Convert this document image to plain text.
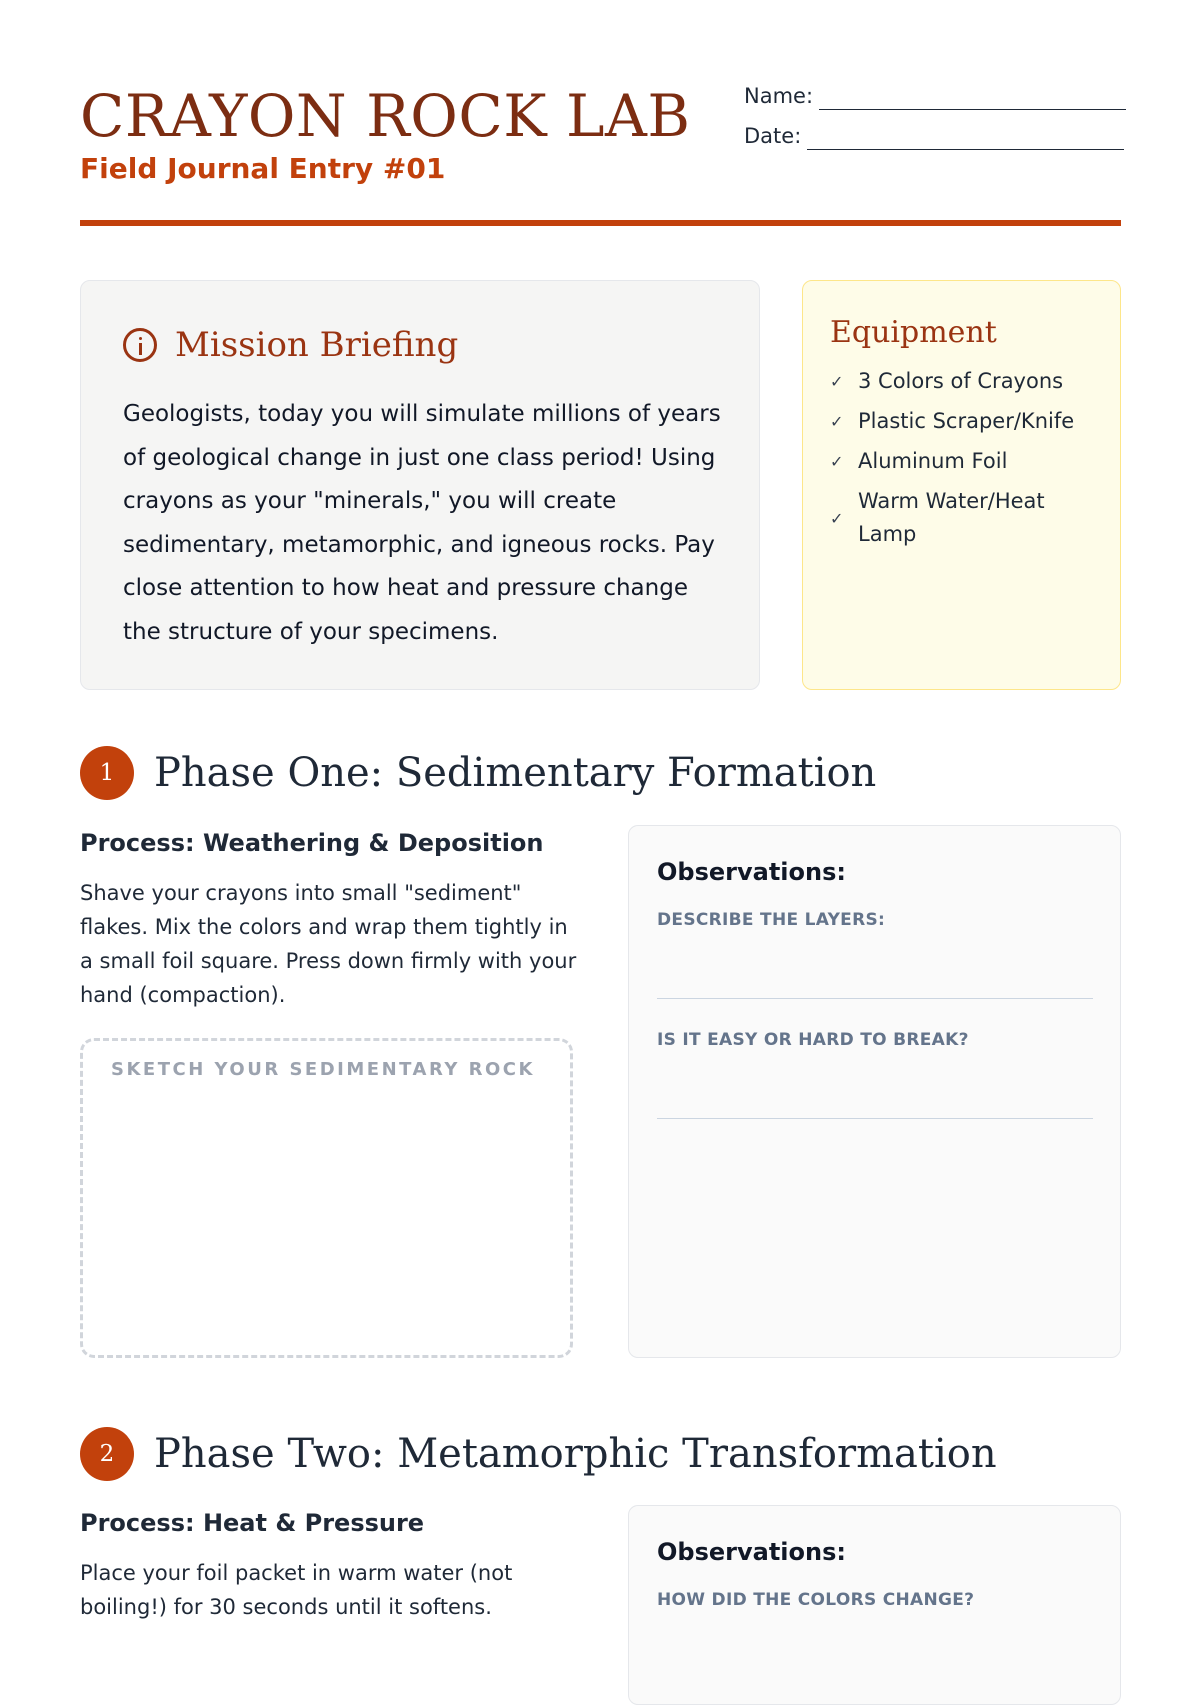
CRAYON ROCK LAB
Field Journal Entry #01
Name:
Date:
Mission Briefing

Geologists, today you will simulate millions of years of geological change in just one class period! Using crayons as your "minerals," you will create sedimentary, metamorphic, and igneous rocks. Pay close attention to how heat and pressure change the structure of your specimens.

Equipment
✓ 3 Colors of Crayons
✓ Plastic Scraper/Knife
✓ Aluminum Foil
✓
Warm Water/Heat Lamp
1 Phase One: Sedimentary Formation
Process: Weathering & Deposition

Shave your crayons into small "sediment" flakes. Mix the colors and wrap them tightly in a small foil square. Press down firmly with your hand (compaction).

SKETCH YOUR SEDIMENTARY ROCK
Observations:
DESCRIBE THE LAYERS:
IS IT EASY OR HARD TO BREAK?
2 Phase Two: Metamorphic Transformation
Process: Heat & Pressure

Place your foil packet in warm water (not boiling!) for 30 seconds until it softens.

Observations:
HOW DID THE COLORS CHANGE?
